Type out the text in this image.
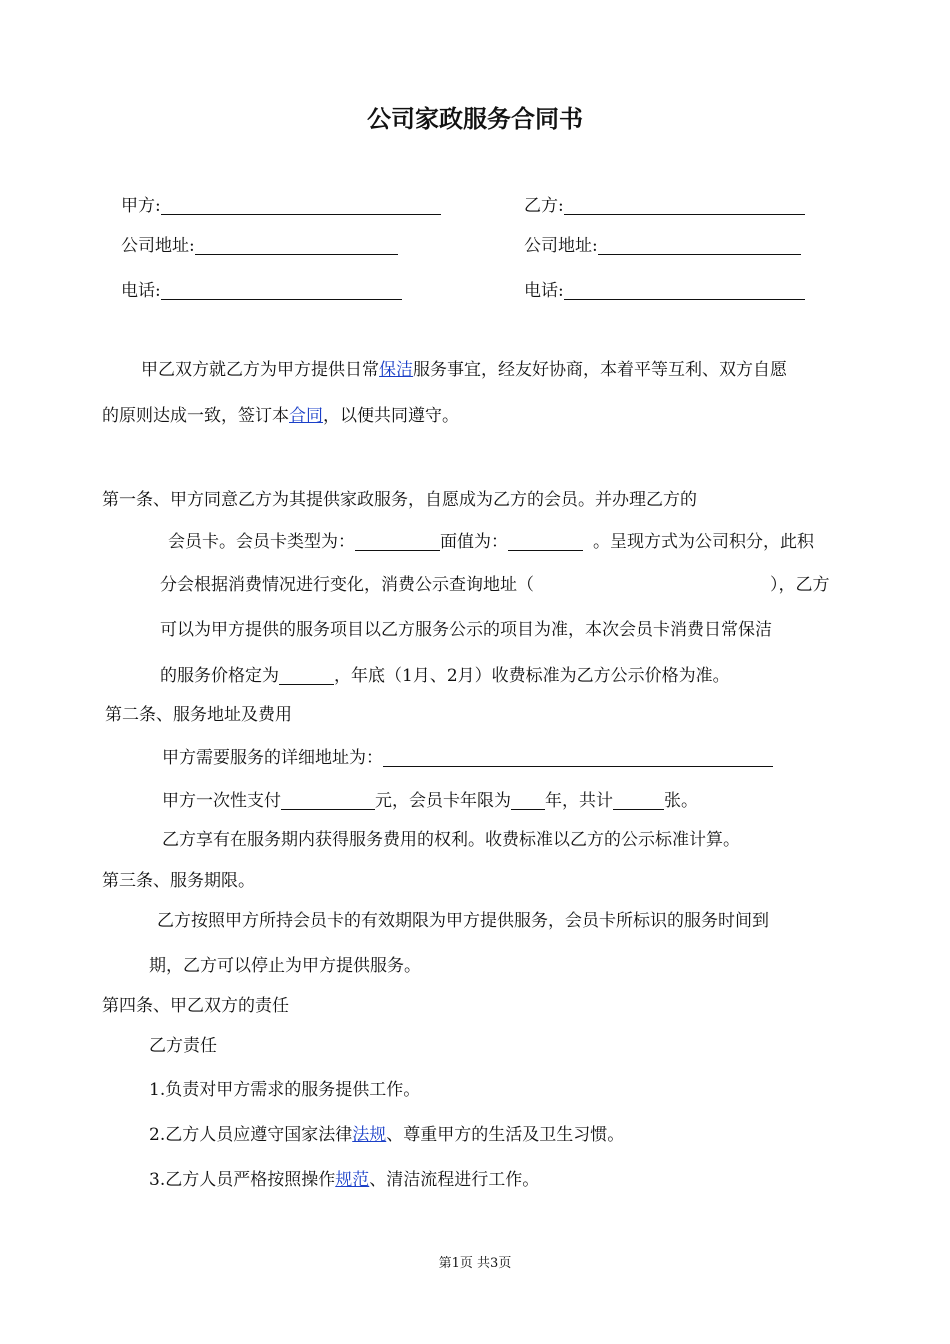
公司家政服务合同书
甲方:	乙方:
公司地址:	公司地址:
电话:	电话:
甲乙双方就乙方为甲方提供日常保洁服务事宜，经友好协商，本着平等互利、双方自愿
的原则达成一致，签订本合同，以便共同遵守。
第一条、甲方同意乙方为其提供家政服务，自愿成为乙方的会员。并办理乙方的
会员卡。会员卡类型为：	面值为：	。呈现方式为公司积分，此积
分会根据消费情况进行变化，消费公示查询地址（	），乙方
可以为甲方提供的服务项目以乙方服务公示的项目为准，本次会员卡消费日常保洁
的服务价格定为	，年底（1月、2月）收费标准为乙方公示价格为准。
第二条、服务地址及费用
甲方需要服务的详细地址为：
甲方一次性支付	元，会员卡年限为 年，共计	张。
乙方享有在服务期内获得服务费用的权利。收费标准以乙方的公示标准计算。
第三条、服务期限。
乙方按照甲方所持会员卡的有效期限为甲方提供服务，会员卡所标识的服务时间到
期，乙方可以停止为甲方提供服务。
第四条、甲乙双方的责任
乙方责任
1.负责对甲方需求的服务提供工作。
2.乙方人员应遵守国家法律法规、尊重甲方的生活及卫生习惯。
3.乙方人员严格按照操作规范、清洁流程进行工作。
第1页 共3页
